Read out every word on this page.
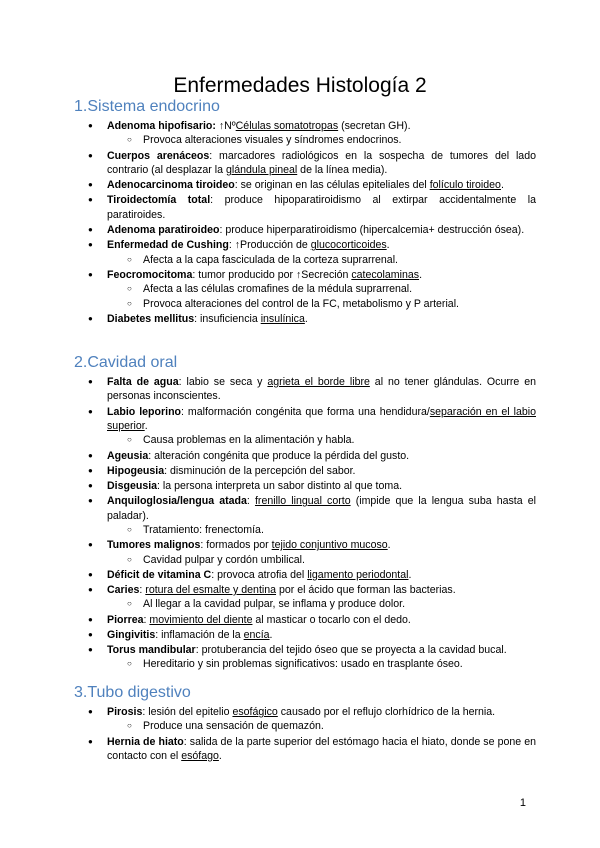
Enfermedades Histología 2
1.Sistema endocrino
● Adenoma hipofisario: ↑NºCélulas somatotropas (secretan GH).
○ Provoca alteraciones visuales y síndromes endocrinos.
● Cuerpos arenáceos: marcadores radiológicos en la sospecha de tumores del lado contrario (al desplazar la glándula pineal de la línea media).
● Adenocarcinoma tiroideo: se originan en las células epiteliales del folículo tiroideo.
● Tiroidectomía total: produce hipoparatiroidismo al extirpar accidentalmente la paratiroides.
● Adenoma paratiroideo: produce hiperparatiroidismo (hipercalcemia+ destrucción ósea).
● Enfermedad de Cushing: ↑Producción de glucocorticoides.
○ Afecta a la capa fasciculada de la corteza suprarrenal.
● Feocromocitoma: tumor producido por ↑Secreción catecolaminas.
○ Afecta a las células cromafines de la médula suprarrenal.
○ Provoca alteraciones del control de la FC, metabolismo y P arterial.
● Diabetes mellitus: insuficiencia insulínica.
2.Cavidad oral
● Falta de agua: labio se seca y agrieta el borde libre al no tener glándulas. Ocurre en personas inconscientes.
● Labio leporino: malformación congénita que forma una hendidura/separación en el labio superior.
○ Causa problemas en la alimentación y habla.
● Ageusia: alteración congénita que produce la pérdida del gusto.
● Hipogeusia: disminución de la percepción del sabor.
● Disgeusia: la persona interpreta un sabor distinto al que toma.
● Anquiloglosia/lengua atada: frenillo lingual corto (impide que la lengua suba hasta el paladar).
○ Tratamiento: frenectomía.
● Tumores malignos: formados por tejido conjuntivo mucoso.
○ Cavidad pulpar y cordón umbilical.
● Déficit de vitamina C: provoca atrofia del ligamento periodontal.
● Caries: rotura del esmalte y dentina por el ácido que forman las bacterias.
○ Al llegar a la cavidad pulpar, se inflama y produce dolor.
● Piorrea: movimiento del diente al masticar o tocarlo con el dedo.
● Gingivitis: inflamación de la encía.
● Torus mandibular: protuberancia del tejido óseo que se proyecta a la cavidad bucal.
○ Hereditario y sin problemas significativos: usado en trasplante óseo.
3.Tubo digestivo
● Pirosis: lesión del epitelio esofágico causado por el reflujo clorhídrico de la hernia.
○ Produce una sensación de quemazón.
● Hernia de hiato: salida de la parte superior del estómago hacia el hiato, donde se pone en contacto con el esófago.
1
